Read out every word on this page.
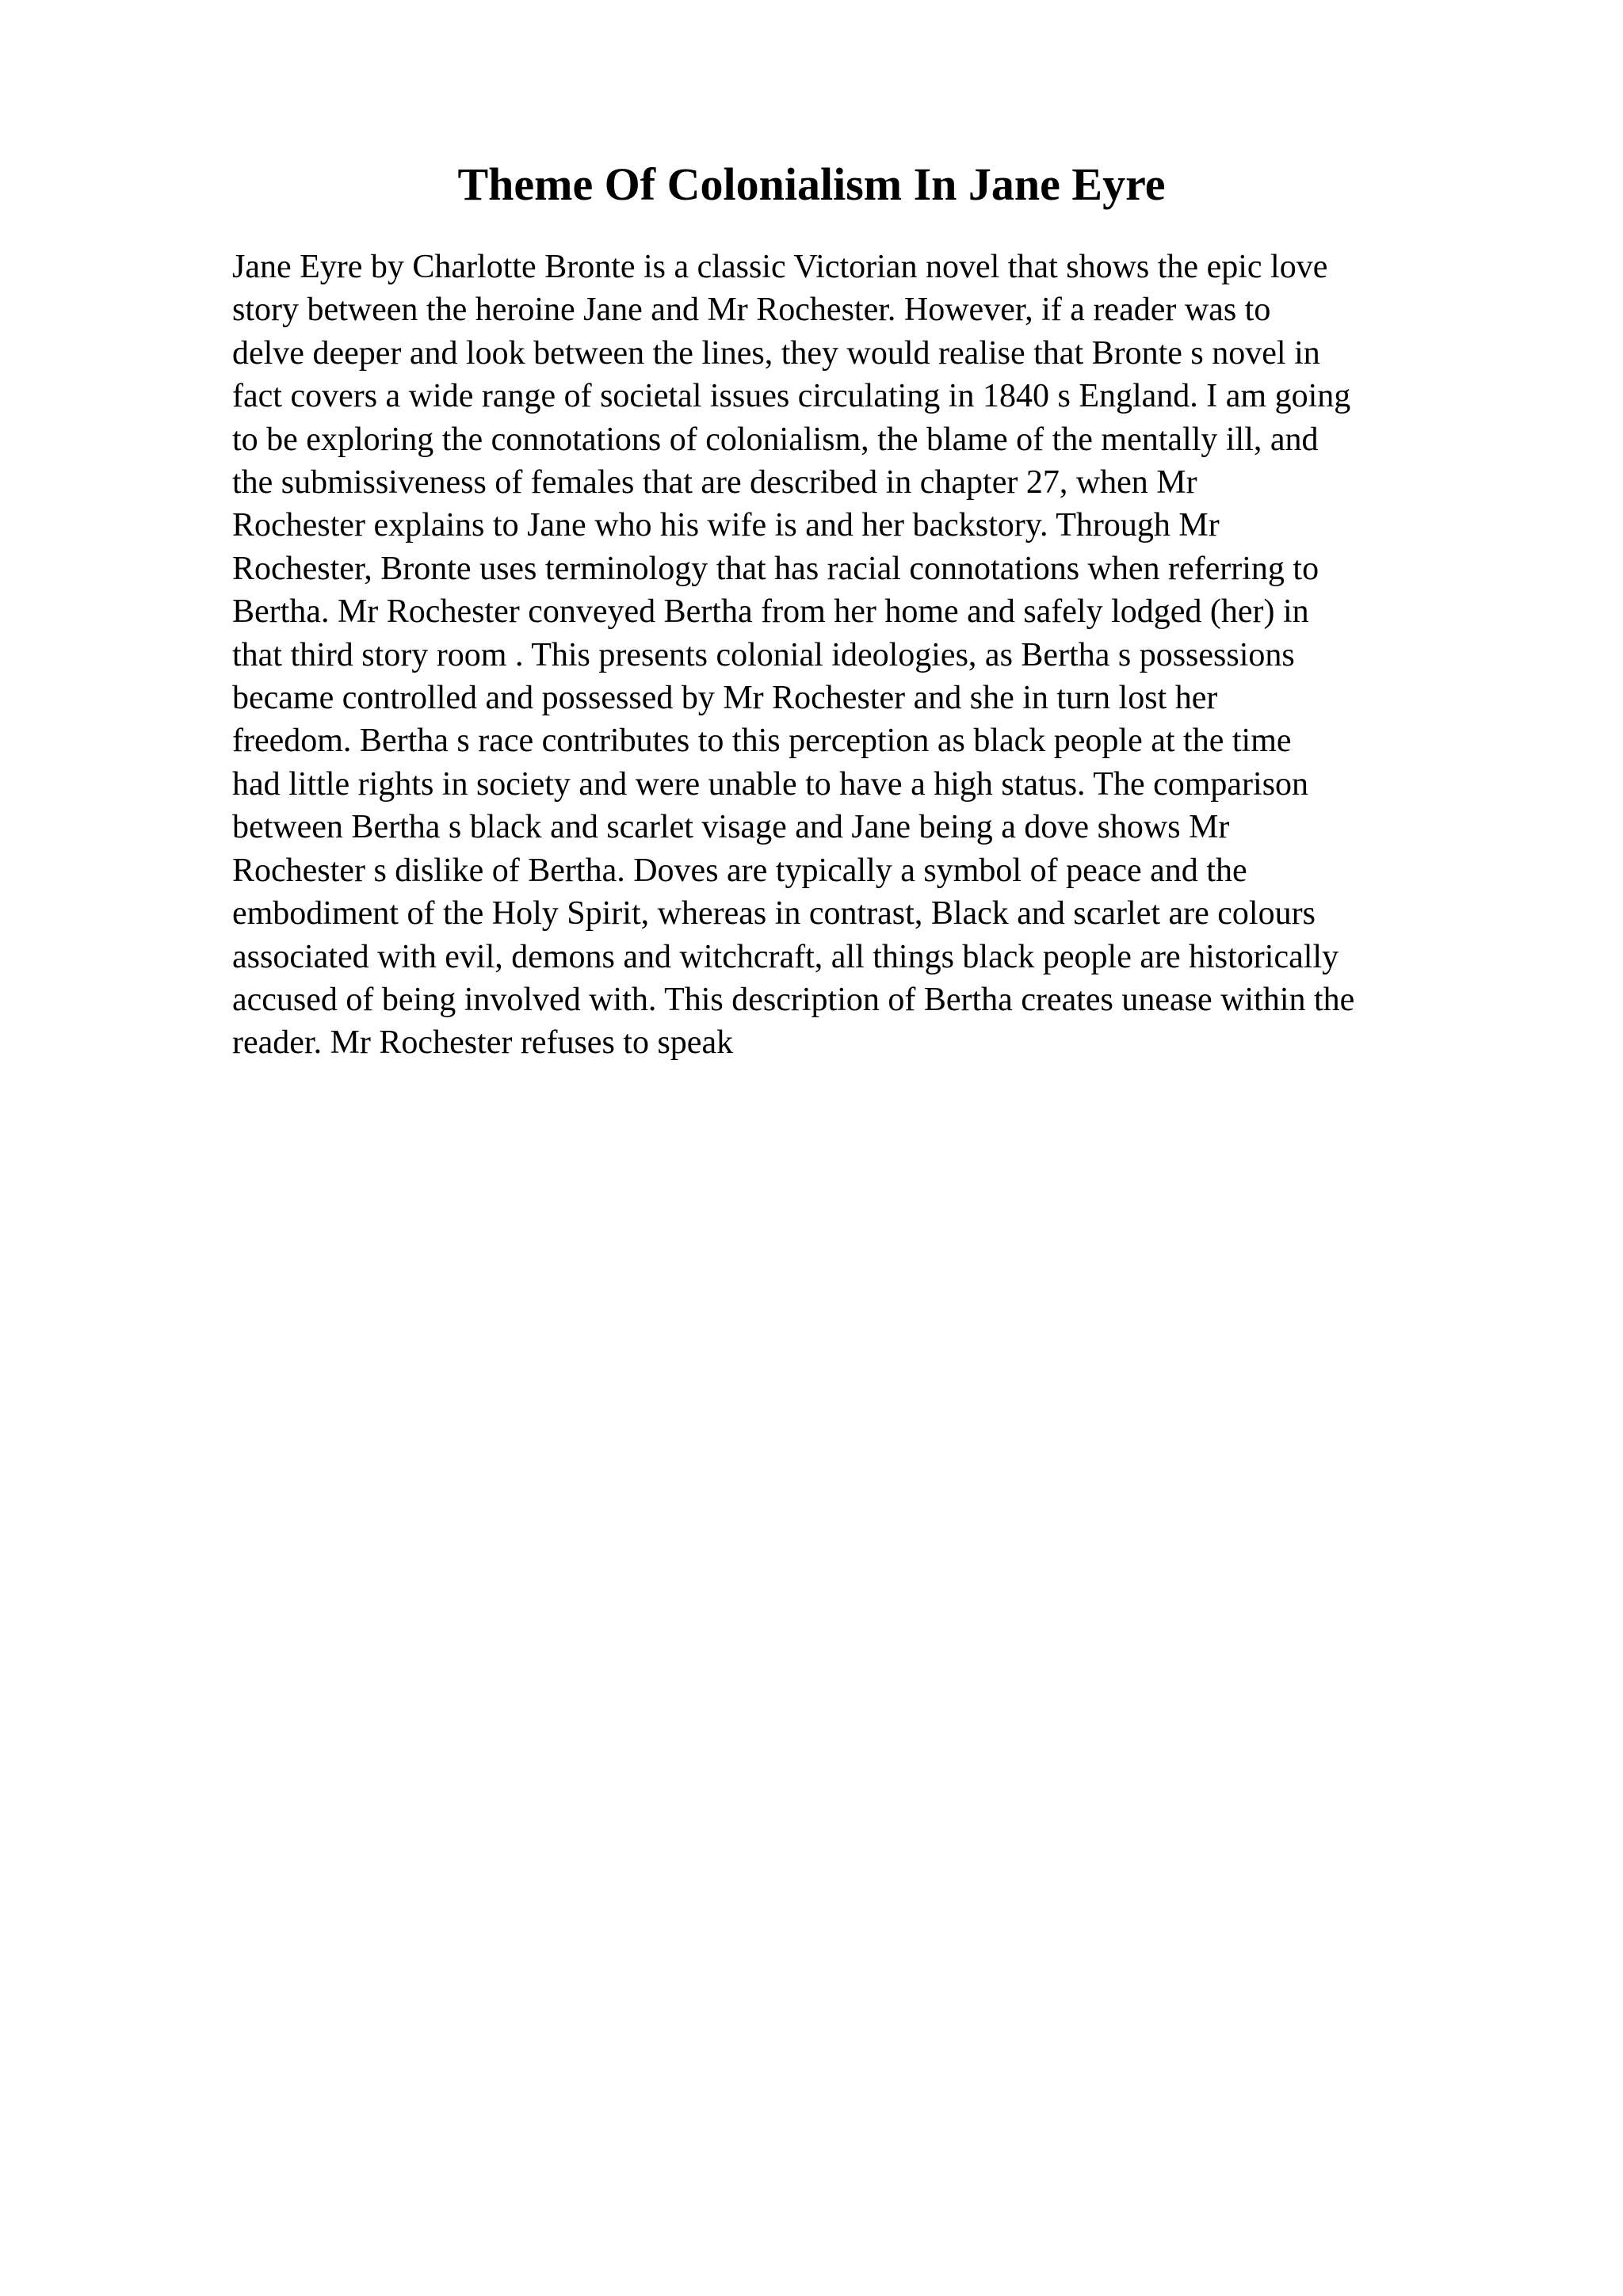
Theme Of Colonialism In Jane Eyre
Jane Eyre by Charlotte Bronte is a classic Victorian novel that shows the epic love
story between the heroine Jane and Mr Rochester. However, if a reader was to
delve deeper and look between the lines, they would realise that Bronte s novel in
fact covers a wide range of societal issues circulating in 1840 s England. I am going
to be exploring the connotations of colonialism, the blame of the mentally ill, and
the submissiveness of females that are described in chapter 27, when Mr
Rochester explains to Jane who his wife is and her backstory. Through Mr
Rochester, Bronte uses terminology that has racial connotations when referring to
Bertha. Mr Rochester conveyed Bertha from her home and safely lodged (her) in
that third story room . This presents colonial ideologies, as Bertha s possessions
became controlled and possessed by Mr Rochester and she in turn lost her
freedom. Bertha s race contributes to this perception as black people at the time
had little rights in society and were unable to have a high status. The comparison
between Bertha s black and scarlet visage and Jane being a dove shows Mr
Rochester s dislike of Bertha. Doves are typically a symbol of peace and the
embodiment of the Holy Spirit, whereas in contrast, Black and scarlet are colours
associated with evil, demons and witchcraft, all things black people are historically
accused of being involved with. This description of Bertha creates unease within the
reader. Mr Rochester refuses to speak
